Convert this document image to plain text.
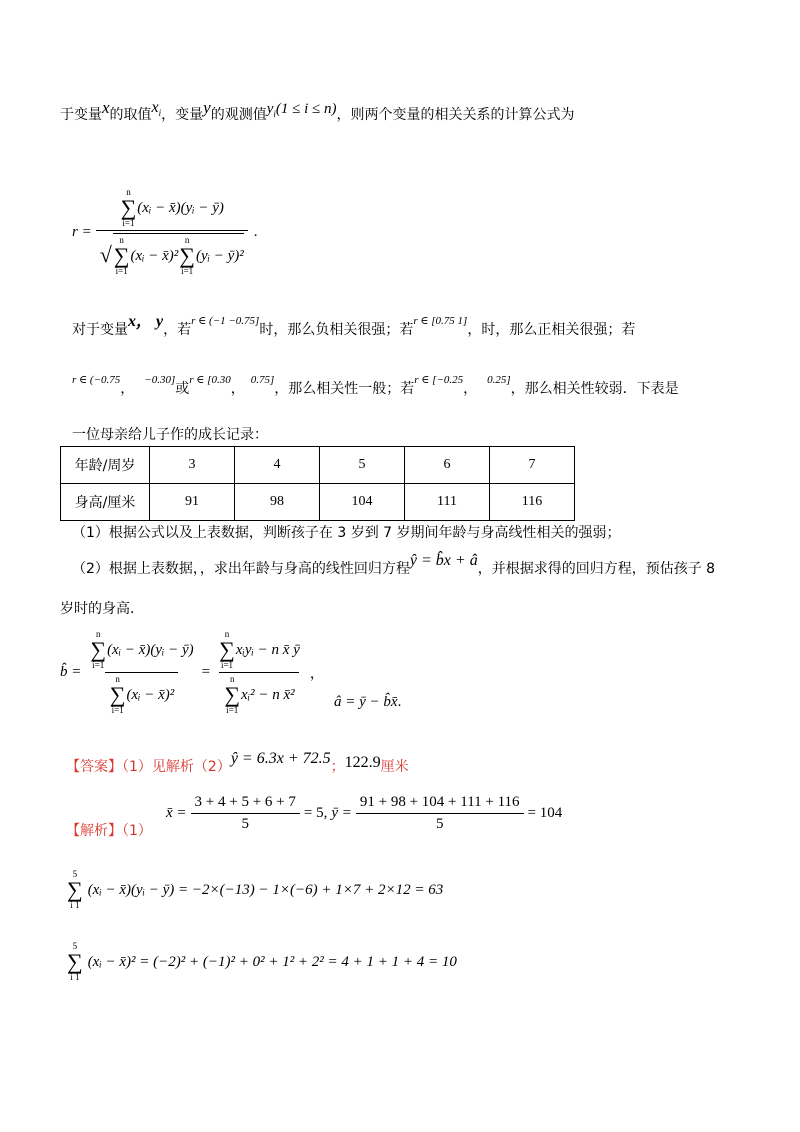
于变量x的取值$x_i$，变量y的观测值$y_i(1 \le i \le n)$，则两个变量的相关关系的计算公式为
r =
n
∑
i=1
(xᵢ − x̄)(yᵢ − ȳ)
√
n
∑
i=1
(xᵢ − x̄)²
n
∑
i=1
(yᵢ − ȳ)²
.
对于变量x， y，若$^{r \in (-1 -0.75]}$时，那么负相关很强；若$^{r \in [0.75 1]}$，时，那么正相关很强；若
$^{r \in (-0.75}$，$^{-0.30]}$或$^{r \in [0.30}$，$^{0.75]}$，那么相关性一般；若$^{r \in [-0.25}$，$^{0.25]}$，那么相关性较弱．下表是
一位母亲给儿子作的成长记录：
年龄/周岁	3	4	5	6	7
身高/厘米	91	98	104	111	116
（1）根据公式以及上表数据，判断孩子在 3 岁到 7 岁期间年龄与身高线性相关的强弱；
（2）根据上表数据，，求出年龄与身高的线性回归方程ŷ = b̂x + â，并根据求得的回归方程，预估孩子 8
岁时的身高．
b̂ = n
∑
i=1
(xᵢ − x̄)(yᵢ − ȳ)
n
∑
i=1
(xᵢ − x̄)² = n
∑
i=1
xᵢyᵢ − n x̄ ȳ
n
∑
i=1
xᵢ² − n x̄² ，
â = ȳ − b̂x̄.
【答案】（1）见解析（2）ŷ = 6.3x + 72.5；122.9厘米
【解析】（1）
x̄ = $\frac{3 + 4 + 5 + 6 + 7}{5} = 5$, ȳ = $\frac{91 + 98 + 104 + 111 + 116}{5} = 104$
5
∑
i 1
(xᵢ − x̄)(yᵢ − ȳ) = −2×(−13) − 1×(−6) + 1×7 + 2×12 = 63
5
∑
i 1
(xᵢ − x̄)² = (−2)² + (−1)² + 0² + 1² + 2² = 4 + 1 + 1 + 4 = 10
